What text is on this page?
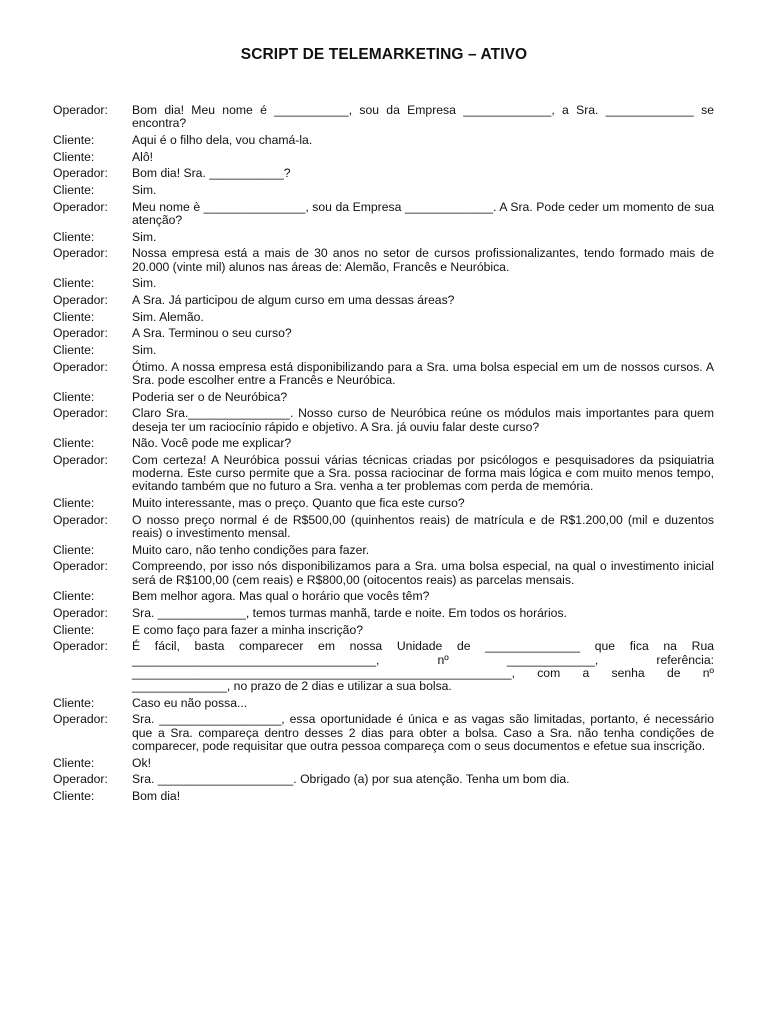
SCRIPT DE TELEMARKETING – ATIVO
Operador:	Bom dia! Meu nome é ___________, sou da Empresa _____________, a Sra. _____________ se encontra?
Cliente:	Aqui é o filho dela, vou chamá-la.
Cliente:	Alô!
Operador:	Bom dia! Sra. ___________?
Cliente:	Sim.
Operador:	Meu nome è _______________, sou da Empresa _____________. A Sra. Pode ceder um momento de sua atenção?
Cliente:	Sim.
Operador:	Nossa empresa está a mais de 30 anos no setor de cursos profissionalizantes, tendo formado mais de 20.000 (vinte mil) alunos nas áreas de: Alemão, Francês e Neuróbica.
Cliente:	Sim.
Operador:	A Sra. Já participou de algum curso em uma dessas áreas?
Cliente:	Sim. Alemão.
Operador:	A Sra. Terminou o seu curso?
Cliente:	Sim.
Operador:	Ótimo. A nossa empresa está disponibilizando para a Sra. uma bolsa especial em um de nossos cursos. A Sra. pode escolher entre a Francês e Neuróbica.
Cliente:	Poderia ser o de Neuróbica?
Operador:	Claro Sra._______________. Nosso curso de Neuróbica reúne os módulos mais importantes para quem deseja ter um raciocínio rápido e objetivo. A Sra. já ouviu falar deste curso?
Cliente:	Não. Você pode me explicar?
Operador:	Com certeza! A Neuróbica possui várias técnicas criadas por psicólogos e pesquisadores da psiquiatria moderna. Este curso permite que a Sra. possa raciocinar de forma mais lógica e com muito menos tempo, evitando também que no futuro a Sra. venha a ter problemas com perda de memória.
Cliente:	Muito interessante, mas o preço. Quanto que fica este curso?
Operador:	O nosso preço normal é de R$500,00 (quinhentos reais) de matrícula e de R$1.200,00 (mil e duzentos reais) o investimento mensal.
Cliente:	Muito caro, não tenho condições para fazer.
Operador:	Compreendo, por isso nós disponibilizamos para a Sra. uma bolsa especial, na qual o investimento inicial será de R$100,00 (cem reais) e R$800,00 (oitocentos reais) as parcelas mensais.
Cliente:	Bem melhor agora. Mas qual o horário que vocês têm?
Operador:	Sra. _____________, temos turmas manhã, tarde e noite. Em todos os horários.
Cliente:	E como faço para fazer a minha inscrição?
Operador:	É fácil, basta comparecer em nossa Unidade de ______________ que fica na Rua ____________________________________, nº _____________, referência: ________________________________________________________, com a senha de nº ______________, no prazo de 2 dias e utilizar a sua bolsa.
Cliente:	Caso eu não possa...
Operador:	Sra. __________________, essa oportunidade é única e as vagas são limitadas, portanto, é necessário que a Sra. compareça dentro desses 2 dias para obter a bolsa. Caso a Sra. não tenha condições de comparecer, pode requisitar que outra pessoa compareça com o seus documentos e efetue sua inscrição.
Cliente:	Ok!
Operador:	Sra. ____________________. Obrigado (a) por sua atenção. Tenha um bom dia.
Cliente:	Bom dia!
